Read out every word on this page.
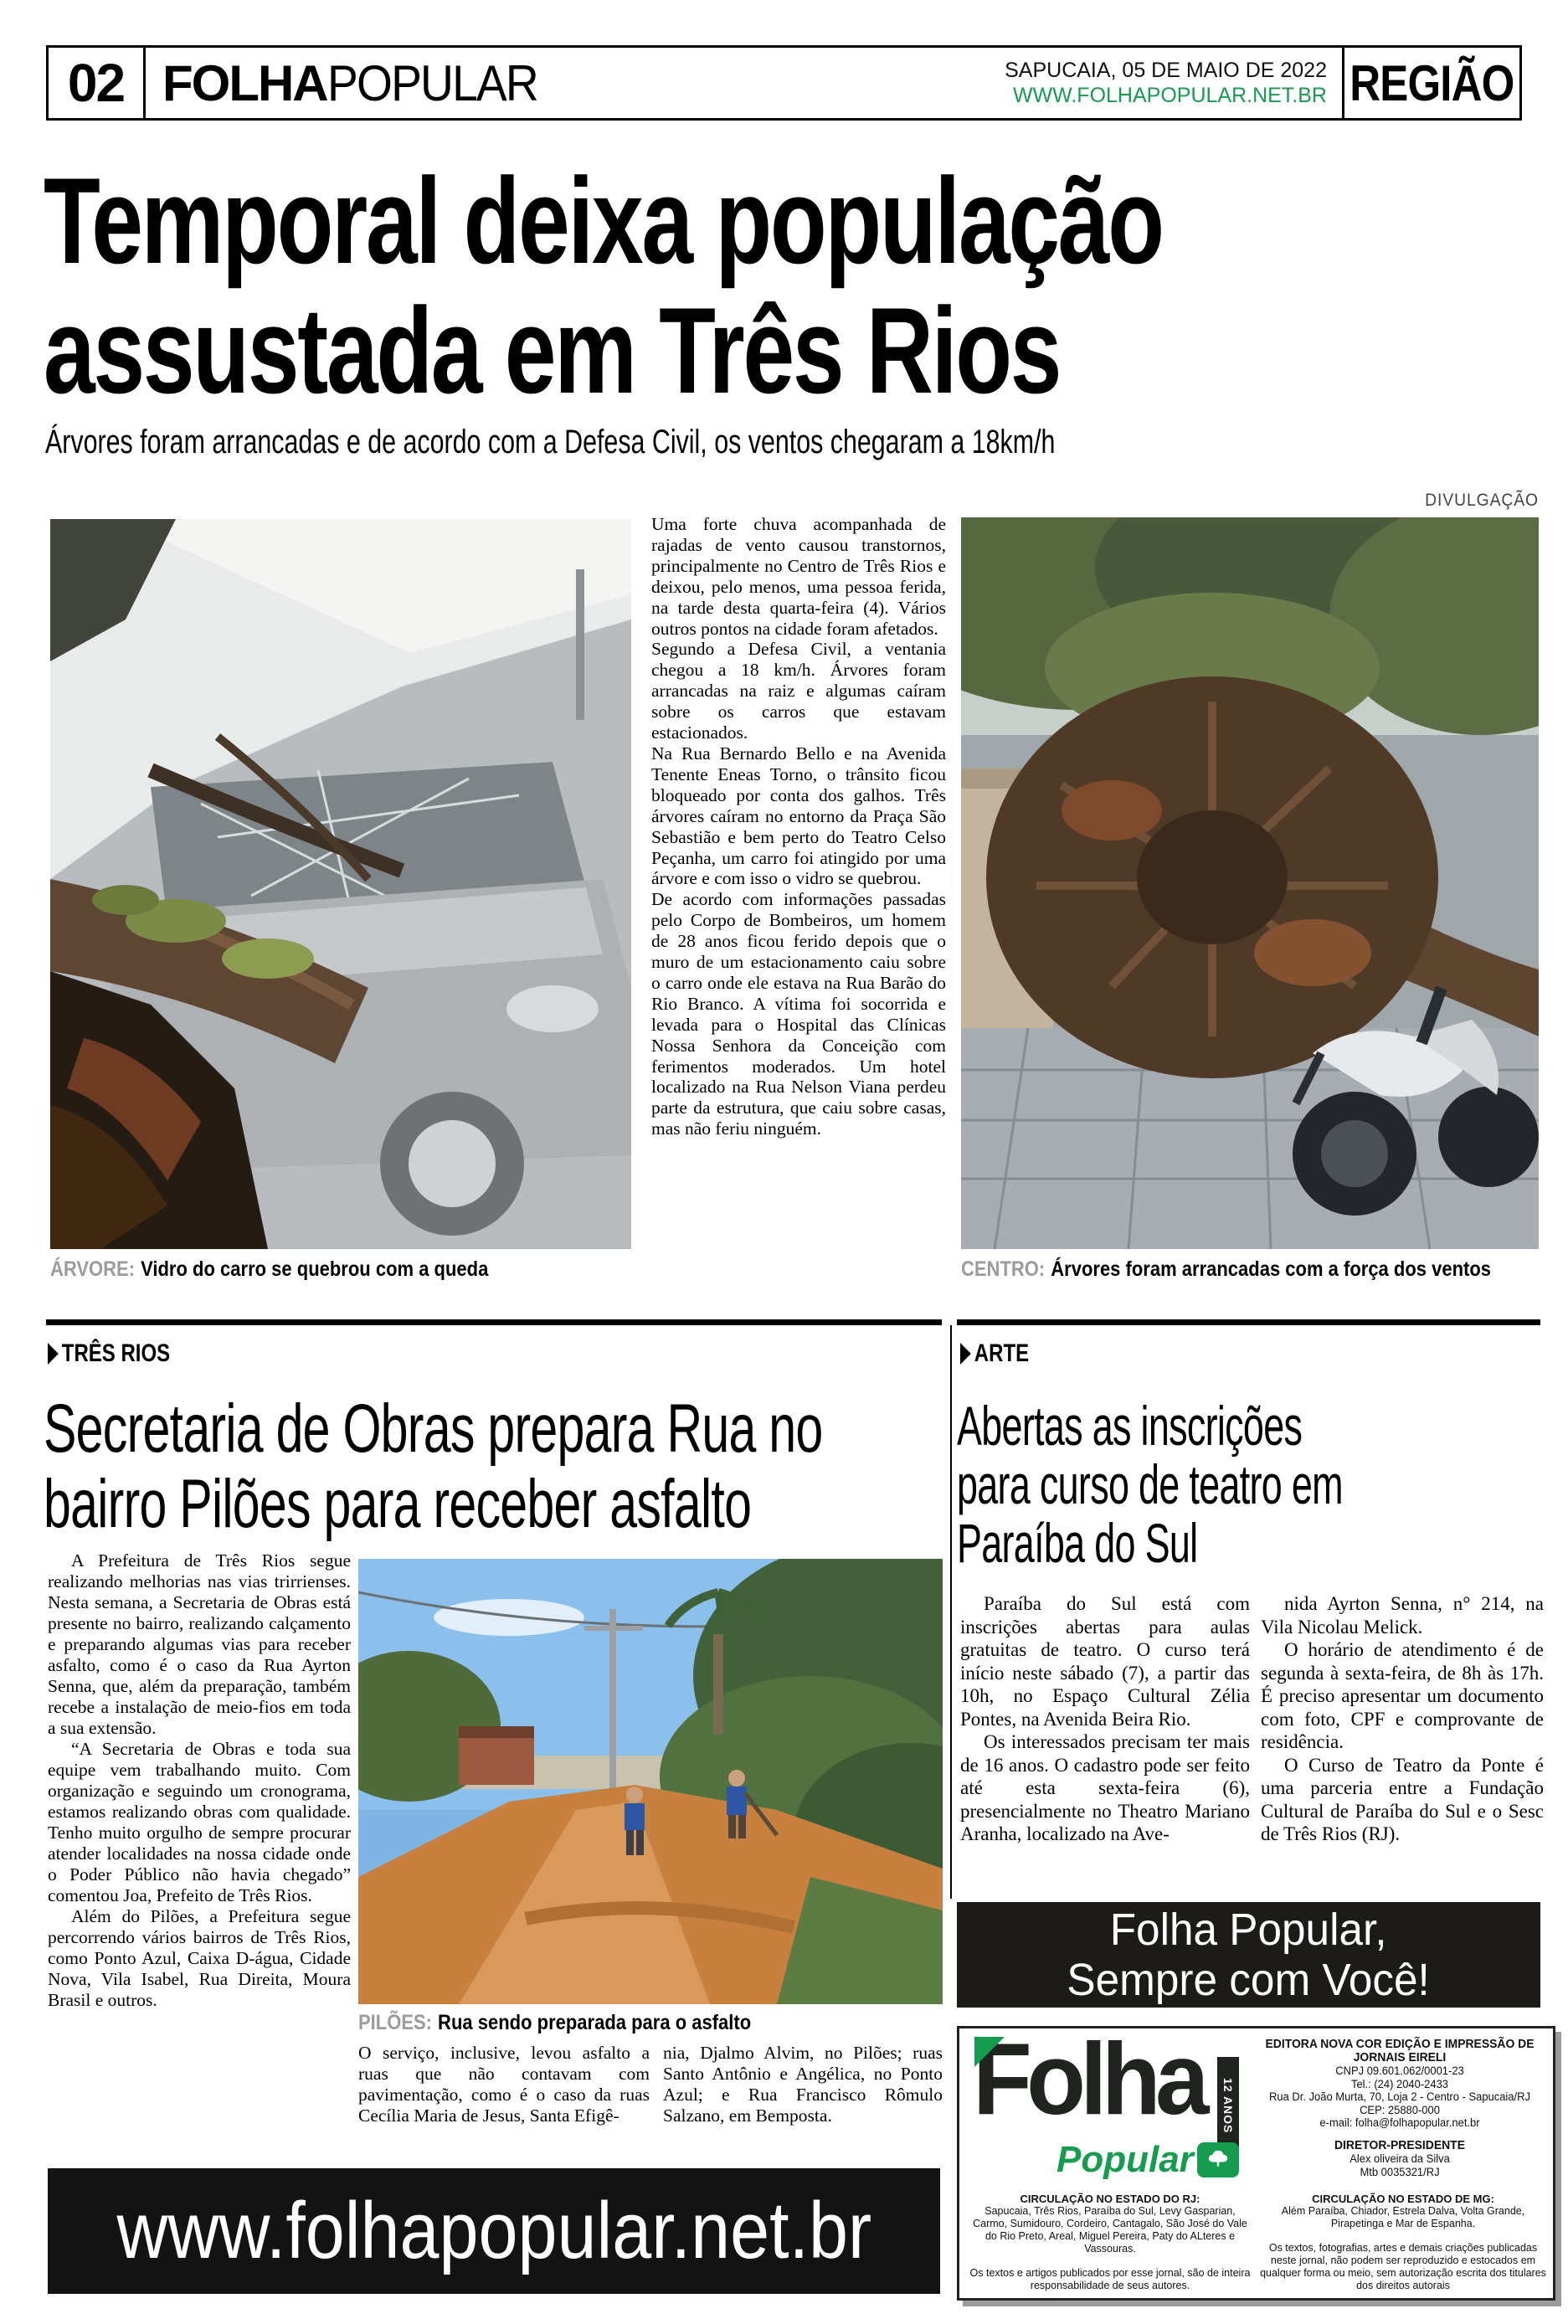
02 FOLHA POPULAR	SAPUCAIA, 05 DE MAIO DE 2022
WWW.FOLHAPOPULAR.NET.BR REGIÃO
Temporal deixa população
assustada em Três Rios
Árvores foram arrancadas e de acordo com a Defesa Civil, os ventos chegaram a 18km/h
DIVULGAÇÃO

Uma forte chuva acompanhada de rajadas de vento causou transtornos, principalmente no Centro de Três Rios e deixou, pelo menos, uma pessoa ferida, na tarde desta quarta-feira (4). Vários outros pontos na cidade foram afetados.

Segundo a Defesa Civil, a ventania chegou a 18 km/h. Árvores foram arrancadas na raiz e algumas caíram sobre os carros que estavam estacionados.

Na Rua Bernardo Bello e na Avenida Tenente Eneas Torno, o trânsito ficou bloqueado por conta dos galhos. Três árvores caíram no entorno da Praça São Sebastião e bem perto do Teatro Celso Peçanha, um carro foi atingido por uma árvore e com isso o vidro se quebrou.

De acordo com informações passadas pelo Corpo de Bombeiros, um homem de 28 anos ficou ferido depois que o muro de um estacionamento caiu sobre o carro onde ele estava na Rua Barão do Rio Branco. A vítima foi socorrida e levada para o Hospital das Clínicas Nossa Senhora da Conceição com ferimentos moderados. Um hotel localizado na Rua Nelson Viana perdeu parte da estrutura, que caiu sobre casas, mas não feriu ninguém.

ÁRVORE: Vidro do carro se quebrou com a queda	CENTRO: Árvores foram arrancadas com a força dos ventos
TRÊS RIOS
Secretaria de Obras prepara Rua no
bairro Pilões para receber asfalto

A Prefeitura de Três Rios segue realizando melhorias nas vias trirrienses. Nesta semana, a Secretaria de Obras está presente no bairro, realizando calçamento e preparando algumas vias para receber asfalto, como é o caso da Rua Ayrton Senna, que, além da preparação, também recebe a instalação de meio-fios em toda a sua extensão.

“A Secretaria de Obras e toda sua equipe vem trabalhando muito. Com organização e seguindo um cronograma, estamos realizando obras com qualidade. Tenho muito orgulho de sempre procurar atender localidades na nossa cidade onde o Poder Público não havia chegado” comentou Joa, Prefeito de Três Rios.

Além do Pilões, a Prefeitura segue percorrendo vários bairros de Três Rios, como Ponto Azul, Caixa D-água, Cidade Nova, Vila Isabel, Rua Direita, Moura Brasil e outros.

PILÕES: Rua sendo preparada para o asfalto

O serviço, inclusive, levou asfalto a ruas que não contavam com pavimentação, como é o caso da ruas Cecília Maria de Jesus, Santa Efigê-

nia, Djalmo Alvim, no Pilões; ruas Santo Antônio e Angélica, no Ponto Azul; e Rua Francisco Rômulo Salzano, em Bemposta.

ARTE
Abertas as inscrições
para curso de teatro em
Paraíba do Sul

Paraíba do Sul está com inscrições abertas para aulas gratuitas de teatro. O curso terá início neste sábado (7), a partir das 10h, no Espaço Cultural Zélia Pontes, na Avenida Beira Rio.

Os interessados precisam ter mais de 16 anos. O cadastro pode ser feito até esta sexta-feira (6), presencialmente no Theatro Mariano Aranha, localizado na Ave-

nida Ayrton Senna, n° 214, na Vila Nicolau Melick.

O horário de atendimento é de segunda à sexta-feira, de 8h às 17h. É preciso apresentar um documento com foto, CPF e comprovante de residência.

O Curso de Teatro da Ponte é uma parceria entre a Fundação Cultural de Paraíba do Sul e o Sesc de Três Rios (RJ).

Folha Popular,
Sempre com Você!
www.folhapopular.net.br
Folha 12 ANOS
Popular
EDITORA NOVA COR EDIÇÃO E IMPRESSÃO DE JORNAIS EIRELI
CNPJ 09.601.062/0001-23
Tel.: (24) 2040-2433
Rua Dr. João Murta, 70, Loja 2 - Centro - Sapucaia/RJ
CEP: 25880-000
e-mail: folha@folhapopular.net.br
DIRETOR-PRESIDENTE
Alex oliveira da Silva
Mtb 0035321/RJ
CIRCULAÇÃO NO ESTADO DO RJ:
Sapucaia, Três Rios, Paraíba do Sul, Levy Gasparian, Carmo, Sumidouro, Cordeiro, Cantagalo, São José do Vale do Rio Preto, Areal, Miguel Pereira, Paty do ALteres e Vassouras.
Os textos e artigos publicados por esse jornal, são de inteira responsabilidade de seus autores.
CIRCULAÇÃO NO ESTADO DE MG:
Além Paraíba, Chiador, Estrela Dalva, Volta Grande, Pirapetinga e Mar de Espanha.
Os textos, fotografias, artes e demais criações publicadas neste jornal, não podem ser reproduzido e estocados em qualquer forma ou meio, sem autorização escrita dos titulares dos direitos autorais
